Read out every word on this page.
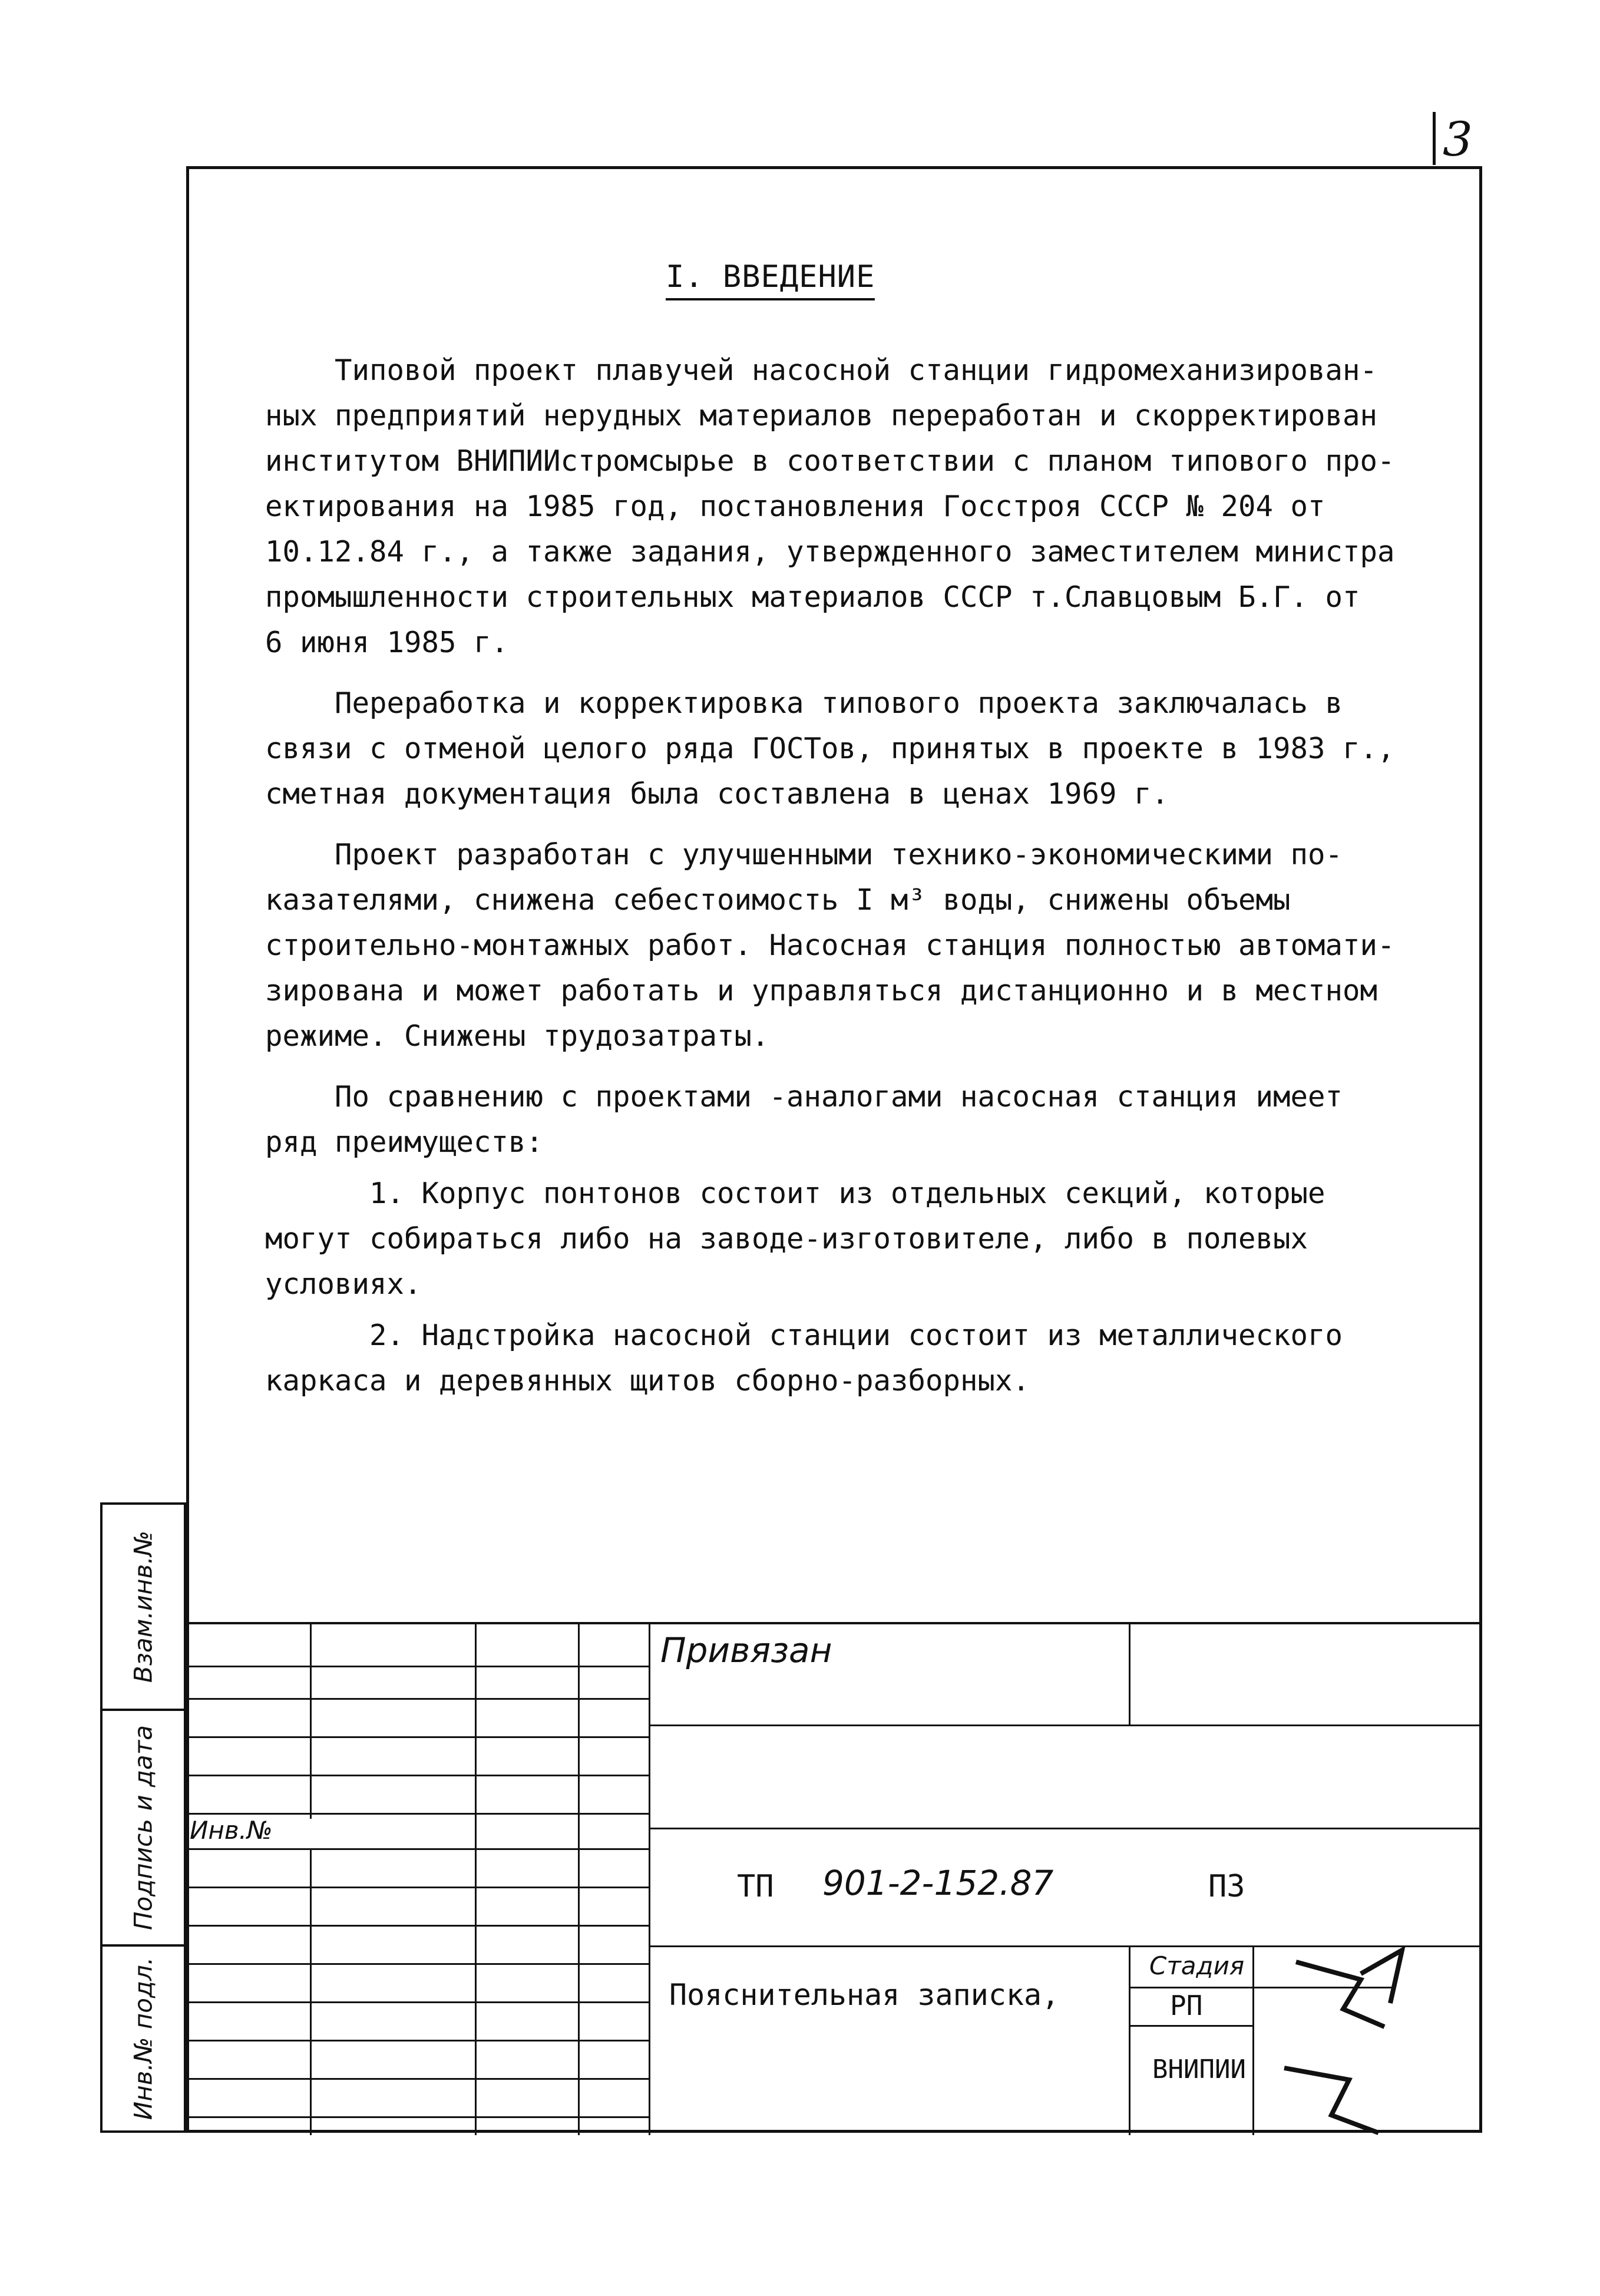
3
Взам.инв.№
Подпись и дата
Инв.№ подл.
I. ВВЕДЕНИЕ
Типовой проект плавучей насосной станции гидромеханизирован-
ных предприятий нерудных материалов переработан и скорректирован
институтом ВНИПИИстромсырье в соответствии с планом типового про-
ектирования на 1985 год, постановления Госстроя СССР № 204 от
10.12.84 г., а также задания, утвержденного заместителем министра
промышленности строительных материалов СССР т.Славцовым Б.Г. от
6 июня 1985 г.
Переработка и корректировка типового проекта заключалась в
связи с отменой целого ряда ГОСТов, принятых в проекте в 1983 г.,
сметная документация была составлена в ценах 1969 г.
Проект разработан с улучшенными технико-экономическими по-
казателями, снижена себестоимость I м³ воды, снижены объемы
строительно-монтажных работ. Насосная станция полностью автомати-
зирована и может работать и управляться дистанционно и в местном
режиме. Снижены трудозатраты.
По сравнению с проектами -аналогами насосная станция имеет
ряд преимуществ:
1. Корпус понтонов состоит из отдельных секций, которые
могут собираться либо на заводе-изготовителе, либо в полевых
условиях.
2. Надстройка насосной станции состоит из металлического
каркаса и деревянных щитов сборно-разборных.
Привязан
Инв.№
ТП 901-2-152.87	ПЗ
Пояснительная записка,
Стадия
РП
ВНИПИИ
